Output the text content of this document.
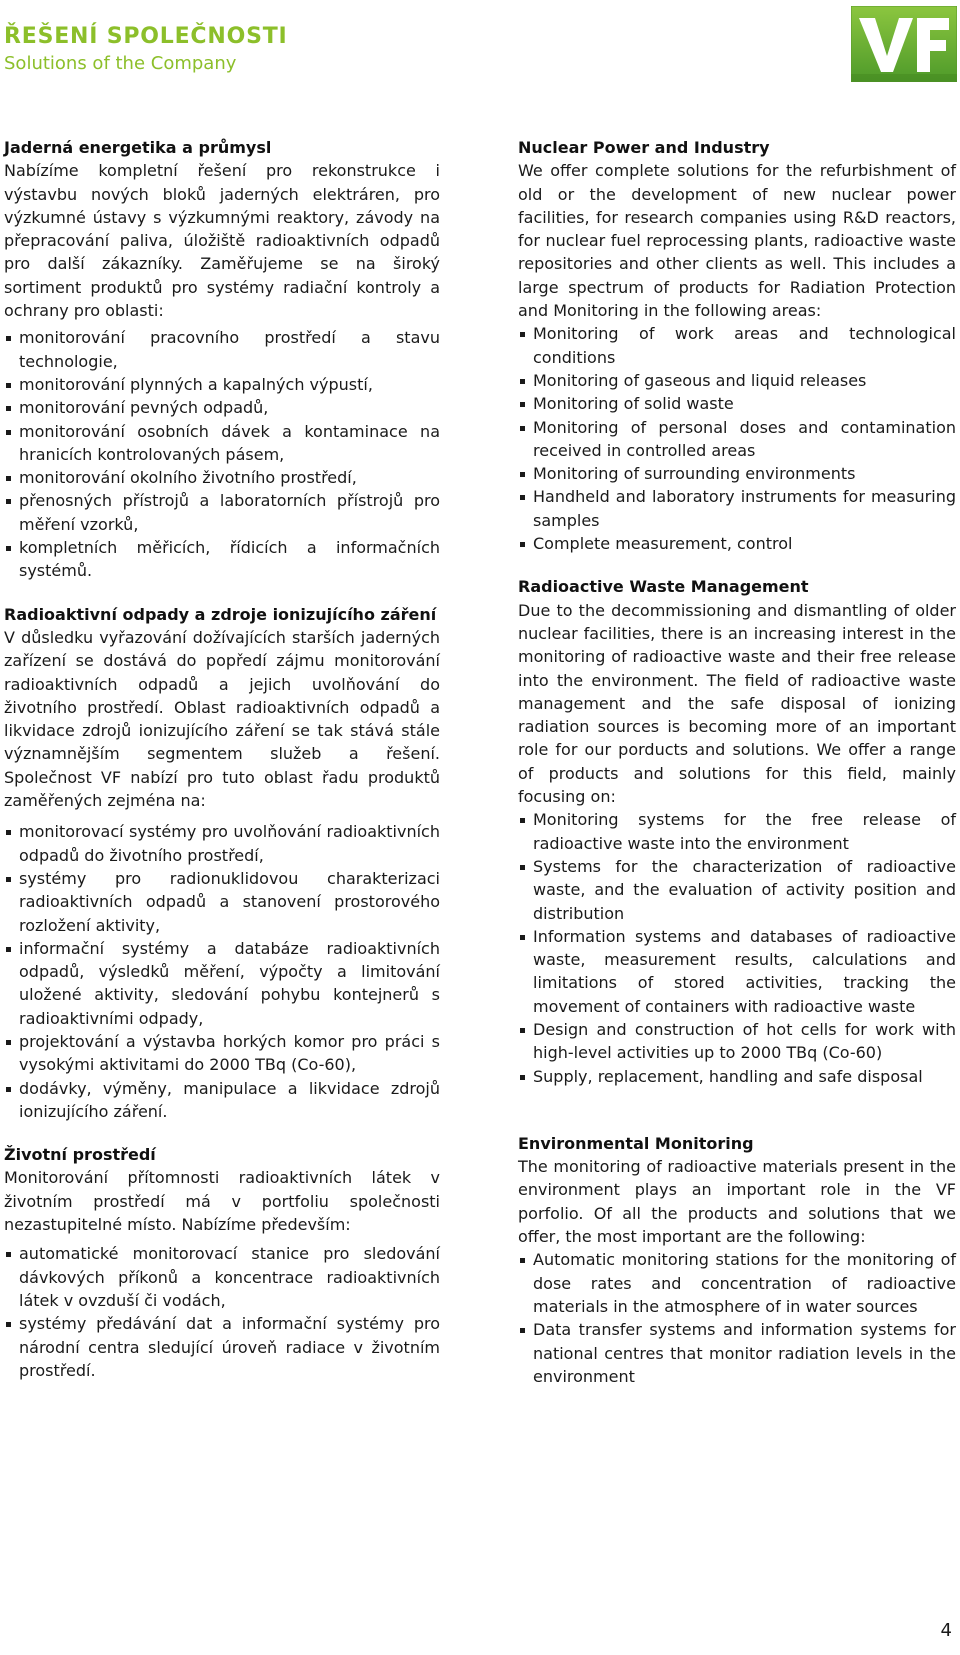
ŘEŠENÍ SPOLEČNOSTI
Solutions of the Company
Jaderná energetika a průmysl
Nabízíme kompletní řešení pro rekonstrukce i výstavbu nových bloků jaderných elektráren, pro výzkumné ústavy s výzkumnými reaktory, závody na přepracování paliva, úložiště radioaktivních odpadů pro další zákazníky. Zaměřujeme se na široký sortiment produktů pro systémy radiační kontroly a ochrany pro oblasti:
monitorování pracovního prostředí a stavu technologie,
monitorování plynných a kapalných výpustí,
monitorování pevných odpadů,
monitorování osobních dávek a kontaminace na hranicích kontrolovaných pásem,
monitorování okolního životního prostředí,
přenosných přístrojů a laboratorních přístrojů pro měření vzorků,
kompletních měřicích, řídicích a informačních systémů.
Radioaktivní odpady a zdroje ionizujícího záření
V důsledku vyřazování dožívajících starších jaderných zařízení se dostává do popředí zájmu monitorování radioaktivních odpadů a jejich uvolňování do životního prostředí. Oblast radioaktivních odpadů a likvidace zdrojů ionizujícího záření se tak stává stále významnějším segmentem služeb a řešení. Společnost VF nabízí pro tuto oblast řadu produktů zaměřených zejména na:
monitorovací systémy pro uvolňování radioaktivních odpadů do životního prostředí,
systémy pro radionuklidovou charakterizaci radioaktivních odpadů a stanovení prostorového rozložení aktivity,
informační systémy a databáze radioaktivních odpadů, výsledků měření, výpočty a limitování uložené aktivity, sledování pohybu kontejnerů s radioaktivními odpady,
projektování a výstavba horkých komor pro práci s vysokými aktivitami do 2000 TBq (Co-60),
dodávky, výměny, manipulace a likvidace zdrojů ionizujícího záření.
Životní prostředí
Monitorování přítomnosti radioaktivních látek v životním prostředí má v portfoliu společnosti nezastupitelné místo. Nabízíme především:
automatické monitorovací stanice pro sledování dávkových příkonů a koncentrace radioaktivních látek v ovzduší či vodách,
systémy předávání dat a informační systémy pro národní centra sledující úroveň radiace v životním prostředí.
Nuclear Power and Industry
We offer complete solutions for the refurbishment of old or the development of new nuclear power facilities, for research companies using R&D reactors, for nuclear fuel reprocessing plants, radioactive waste repositories and other clients as well. This includes a large spectrum of products for Radiation Protection and Monitoring in the following areas:
Monitoring of work areas and technological conditions
Monitoring of gaseous and liquid releases
Monitoring of solid waste
Monitoring of personal doses and contamination received in controlled areas
Monitoring of surrounding environments
Handheld and laboratory instruments for measuring samples
Complete measurement, control
Radioactive Waste Management
Due to the decommissioning and dismantling of older nuclear facilities, there is an increasing interest in the monitoring of radioactive waste and their free release into the environment. The field of radioactive waste management and the safe disposal of ionizing radiation sources is becoming more of an important role for our porducts and solutions. We offer a range of products and solutions for this field, mainly focusing on:
Monitoring systems for the free release of radioactive waste into the environment
Systems for the characterization of radioactive waste, and the evaluation of activity position and distribution
Information systems and databases of radioactive waste, measurement results, calculations and limitations of stored activities, tracking the movement of containers with radioactive waste
Design and construction of hot cells for work with high-level activities up to 2000 TBq (Co-60)
Supply, replacement, handling and safe disposal
Environmental Monitoring
The monitoring of radioactive materials present in the environment plays an important role in the VF porfolio. Of all the products and solutions that we offer, the most important are the following:
Automatic monitoring stations for the monitoring of dose rates and concentration of radioactive materials in the atmosphere of in water sources
Data transfer systems and information systems for national centres that monitor radiation levels in the environment
4
